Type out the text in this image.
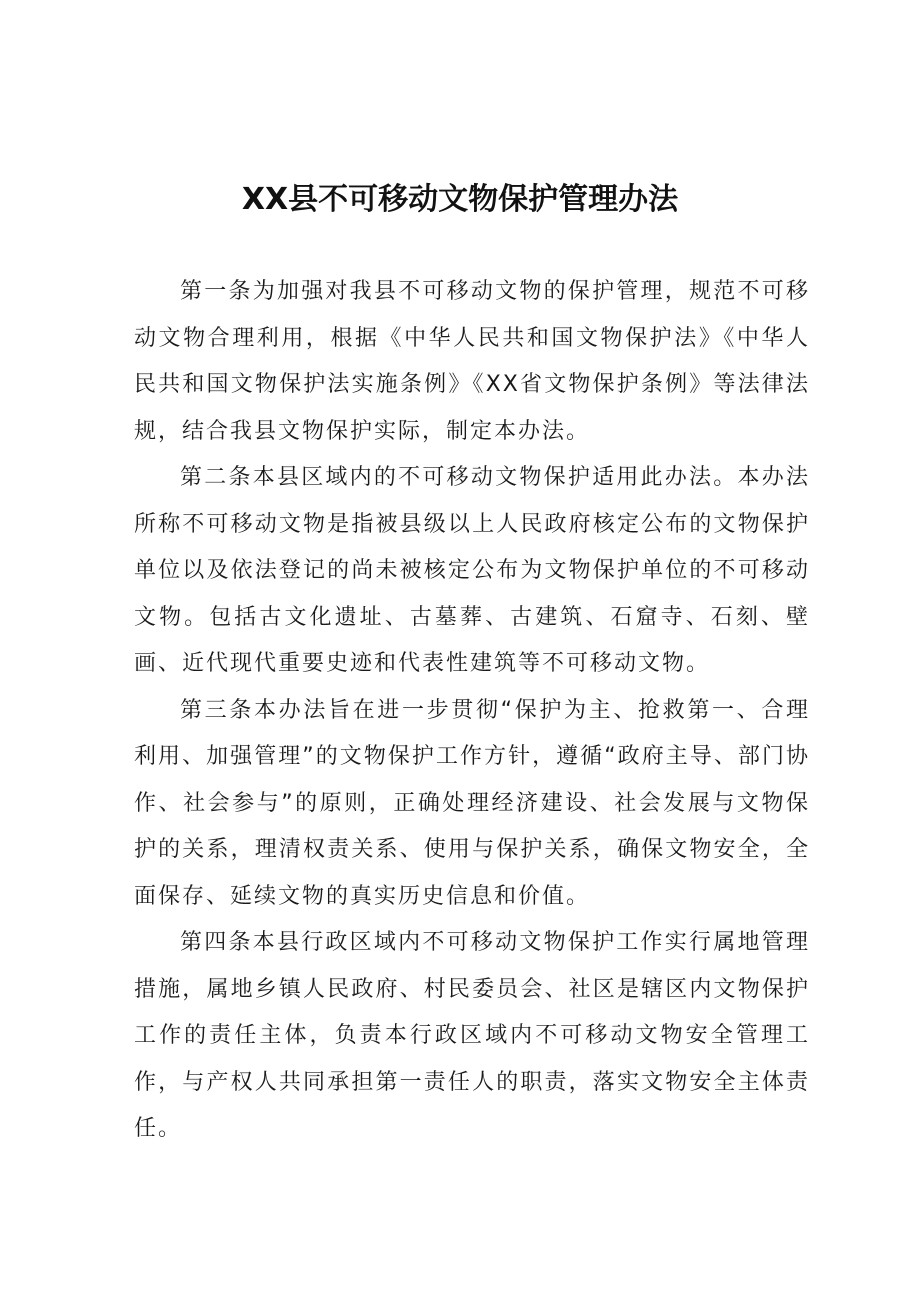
XX县不可移动文物保护管理办法

第一条为加强对我县不可移动文物的保护管理，规范不可移动文物合理利用，根据《中华人民共和国文物保护法》《中华人民共和国文物保护法实施条例》《XX省文物保护条例》等法律法规，结合我县文物保护实际，制定本办法。

第二条本县区域内的不可移动文物保护适用此办法。本办法所称不可移动文物是指被县级以上人民政府核定公布的文物保护单位以及依法登记的尚未被核定公布为文物保护单位的不可移动文物。包括古文化遗址、古墓葬、古建筑、石窟寺、石刻、壁画、近代现代重要史迹和代表性建筑等不可移动文物。

第三条本办法旨在进一步贯彻“保护为主、抢救第一、合理利用、加强管理”的文物保护工作方针，遵循“政府主导、部门协作、社会参与”的原则，正确处理经济建设、社会发展与文物保护的关系，理清权责关系、使用与保护关系，确保文物安全，全面保存、延续文物的真实历史信息和价值。

第四条本县行政区域内不可移动文物保护工作实行属地管理措施，属地乡镇人民政府、村民委员会、社区是辖区内文物保护工作的责任主体，负责本行政区域内不可移动文物安全管理工作，与产权人共同承担第一责任人的职责，落实文物安全主体责任。
